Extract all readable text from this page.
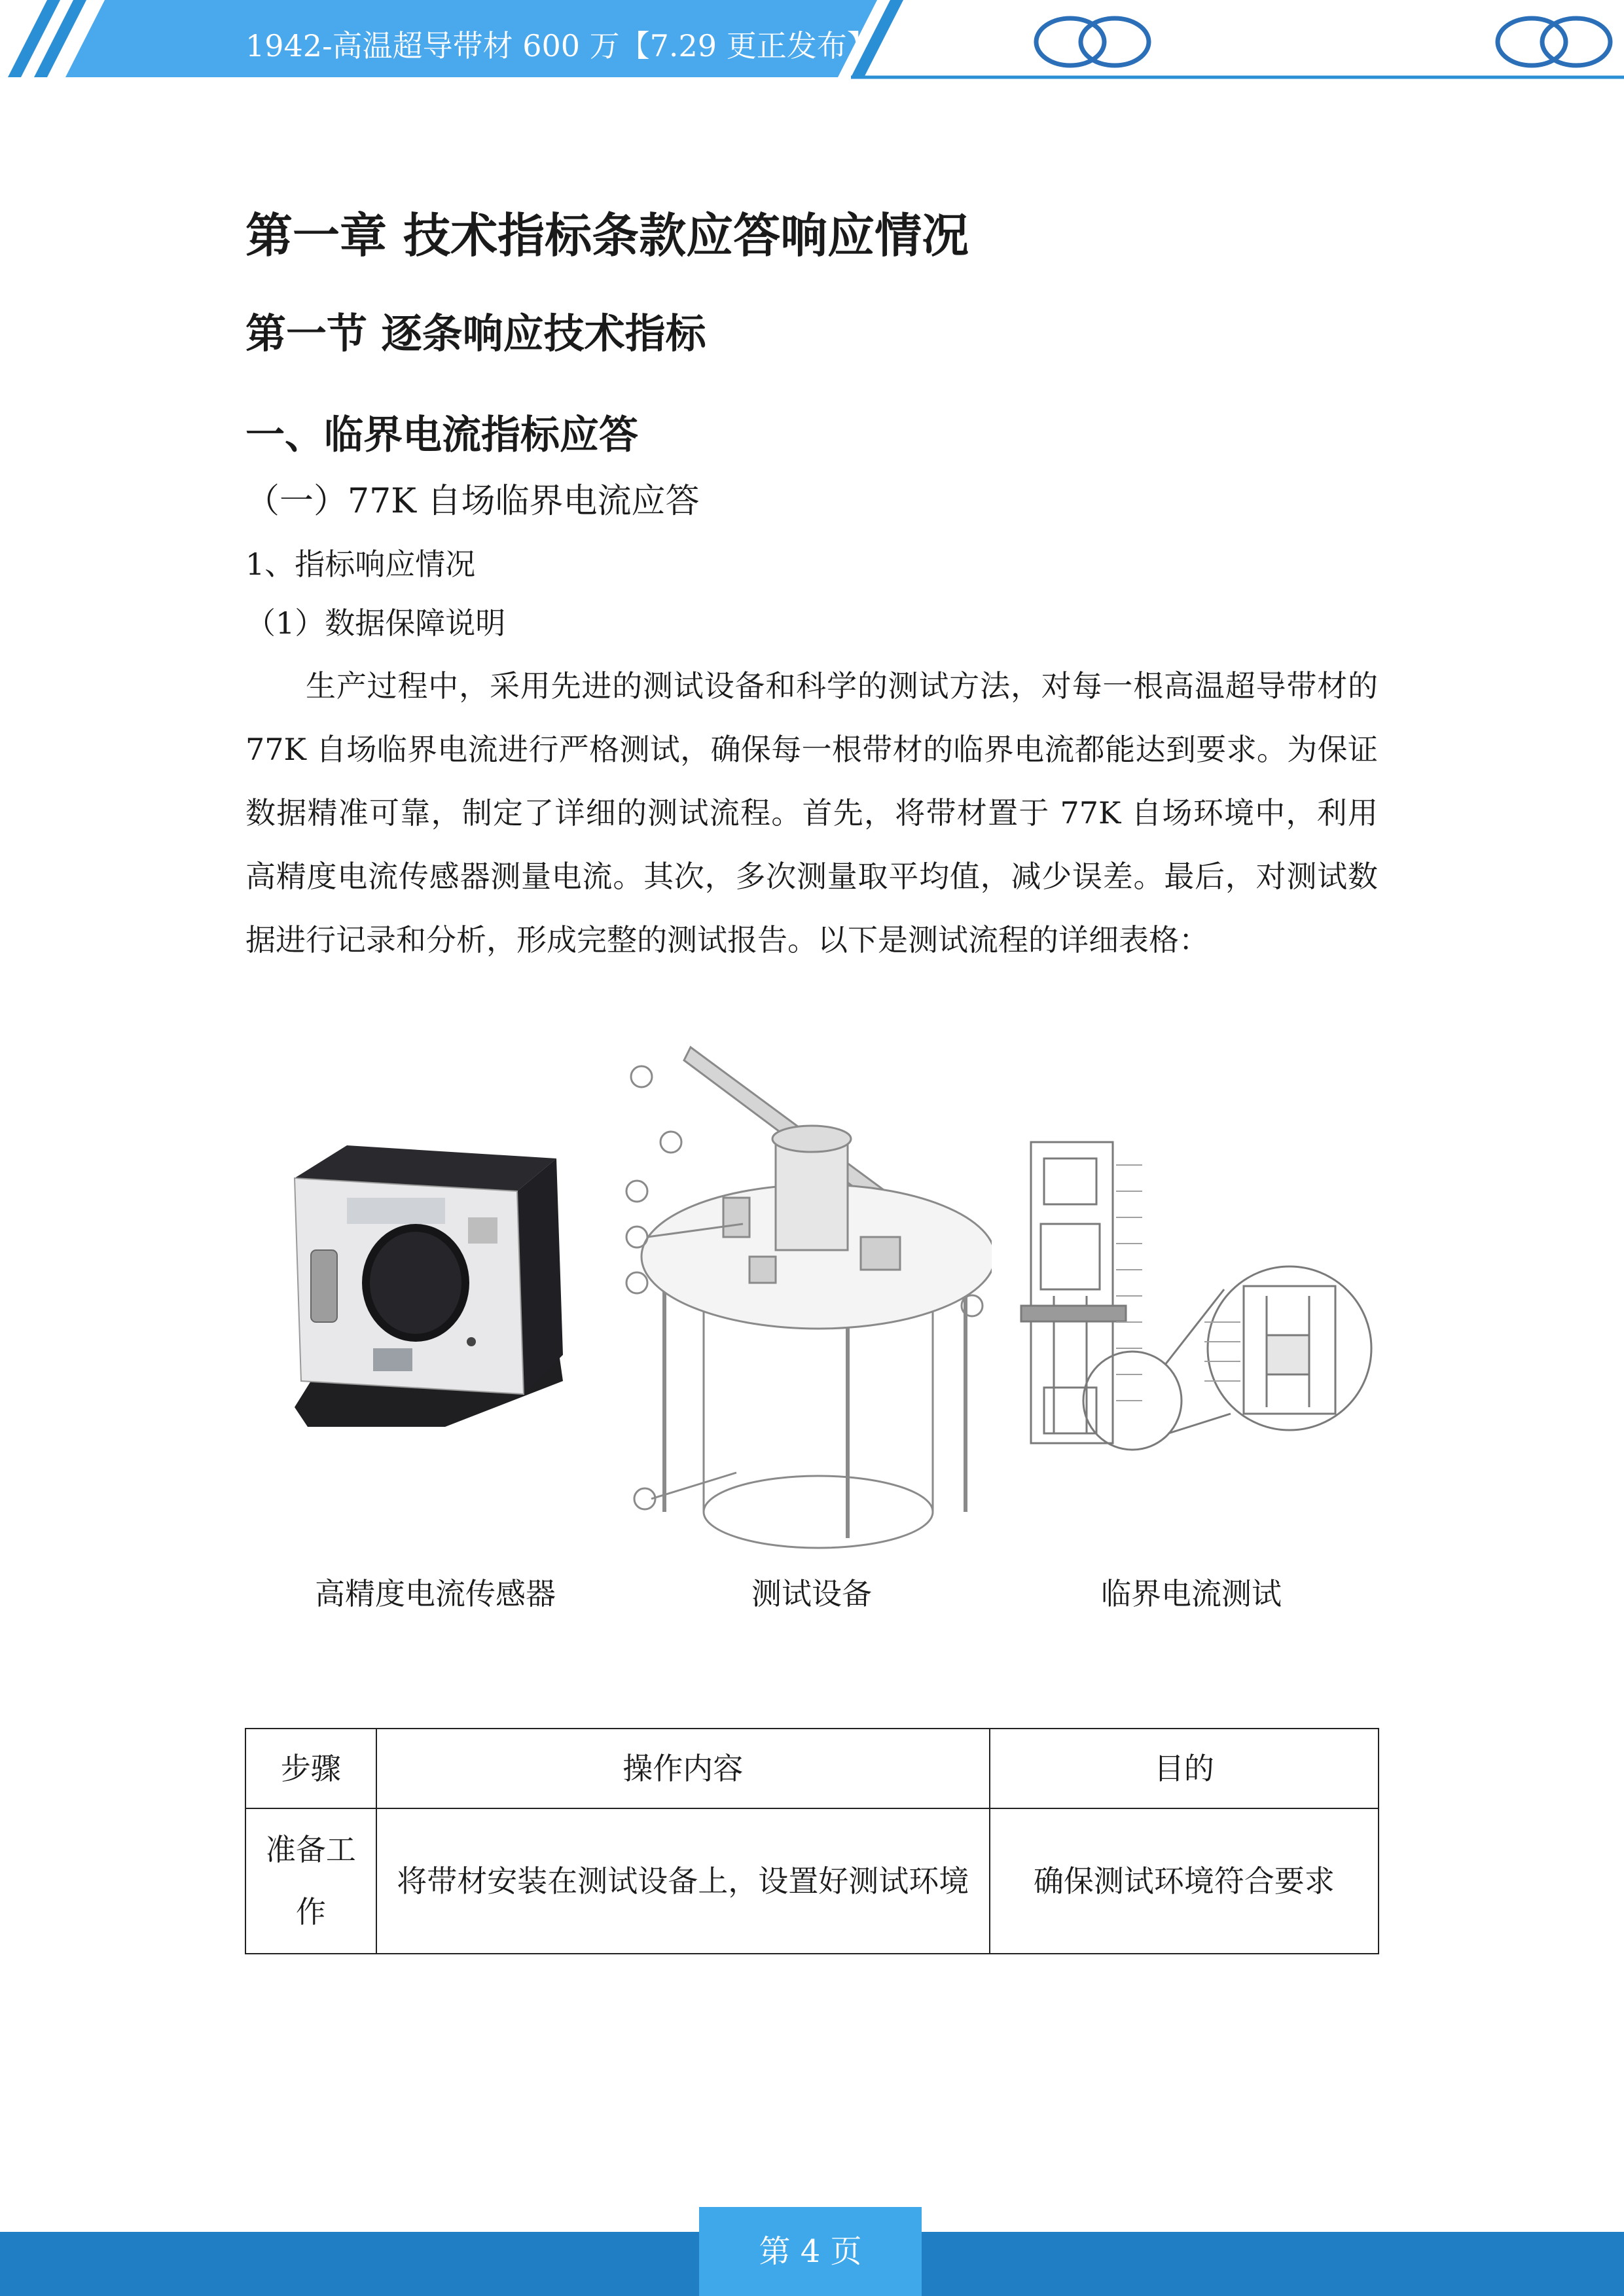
1942-高温超导带材 600 万【7.29 更正发布】
第一章 技术指标条款应答响应情况
第一节 逐条响应技术指标
一、临界电流指标应答
（一）77K 自场临界电流应答
1、指标响应情况
（1）数据保障说明

生产过程中，采用先进的测试设备和科学的测试方法，对每一根高温超导带材的 77K 自场临界电流进行严格测试，确保每一根带材的临界电流都能达到要求。为保证数据精准可靠，制定了详细的测试流程。首先，将带材置于 77K 自场环境中，利用高精度电流传感器测量电流。其次，多次测量取平均值，减少误差。最后，对测试数据进行记录和分析，形成完整的测试报告。以下是测试流程的详细表格：

高精度电流传感器	测试设备	临界电流测试
步骤	操作内容	目的
准备工作	将带材安装在测试设备上，设置好测试环境	确保测试环境符合要求
第 4 页
